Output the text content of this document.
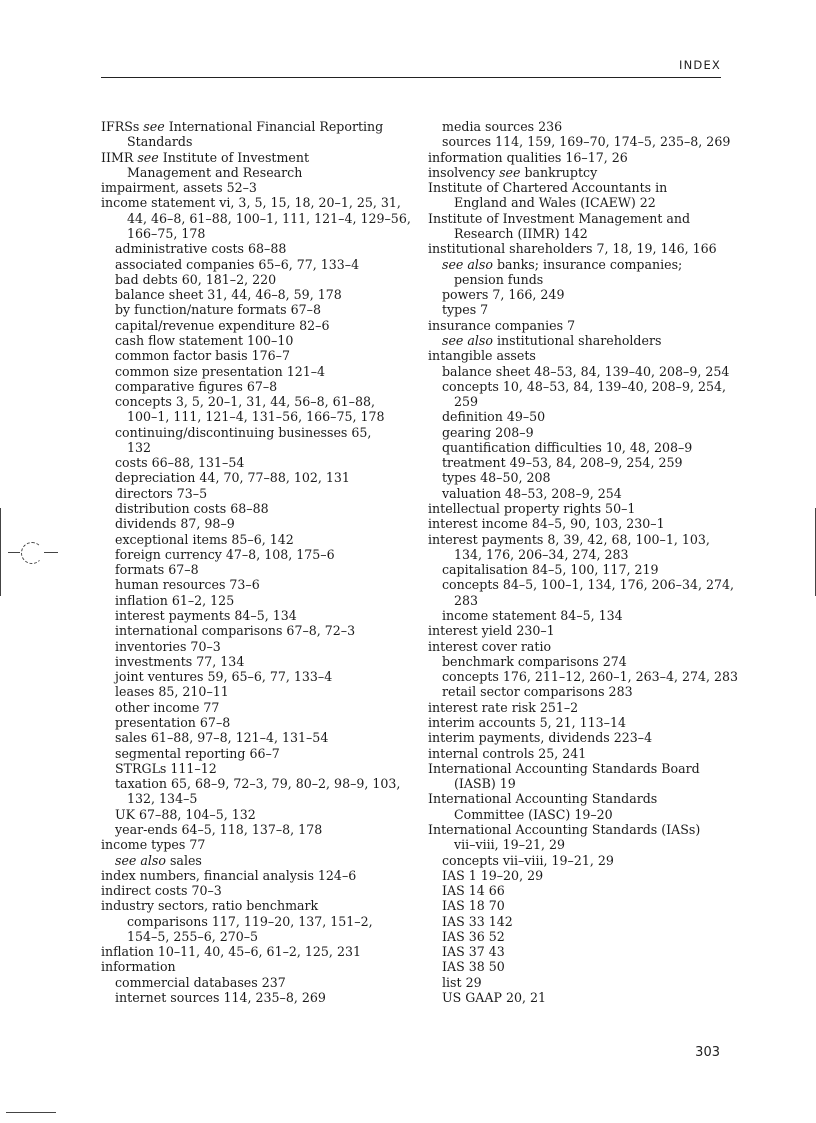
INDEX
IFRSs see International Financial Reporting
Standards
IIMR see Institute of Investment
Management and Research
impairment, assets 52–3
income statement vi, 3, 5, 15, 18, 20–1, 25, 31,
44, 46–8, 61–88, 100–1, 111, 121–4, 129–56,
166–75, 178
administrative costs 68–88
associated companies 65–6, 77, 133–4
bad debts 60, 181–2, 220
balance sheet 31, 44, 46–8, 59, 178
by function/nature formats 67–8
capital/revenue expenditure 82–6
cash flow statement 100–10
common factor basis 176–7
common size presentation 121–4
comparative figures 67–8
concepts 3, 5, 20–1, 31, 44, 56–8, 61–88,
100–1, 111, 121–4, 131–56, 166–75, 178
continuing/discontinuing businesses 65,
132
costs 66–88, 131–54
depreciation 44, 70, 77–88, 102, 131
directors 73–5
distribution costs 68–88
dividends 87, 98–9
exceptional items 85–6, 142
foreign currency 47–8, 108, 175–6
formats 67–8
human resources 73–6
inflation 61–2, 125
interest payments 84–5, 134
international comparisons 67–8, 72–3
inventories 70–3
investments 77, 134
joint ventures 59, 65–6, 77, 133–4
leases 85, 210–11
other income 77
presentation 67–8
sales 61–88, 97–8, 121–4, 131–54
segmental reporting 66–7
STRGLs 111–12
taxation 65, 68–9, 72–3, 79, 80–2, 98–9, 103,
132, 134–5
UK 67–88, 104–5, 132
year-ends 64–5, 118, 137–8, 178
income types 77
see also sales
index numbers, financial analysis 124–6
indirect costs 70–3
industry sectors, ratio benchmark
comparisons 117, 119–20, 137, 151–2,
154–5, 255–6, 270–5
inflation 10–11, 40, 45–6, 61–2, 125, 231
information
commercial databases 237
internet sources 114, 235–8, 269
media sources 236
sources 114, 159, 169–70, 174–5, 235–8, 269
information qualities 16–17, 26
insolvency see bankruptcy
Institute of Chartered Accountants in
England and Wales (ICAEW) 22
Institute of Investment Management and
Research (IIMR) 142
institutional shareholders 7, 18, 19, 146, 166
see also banks; insurance companies;
pension funds
powers 7, 166, 249
types 7
insurance companies 7
see also institutional shareholders
intangible assets
balance sheet 48–53, 84, 139–40, 208–9, 254
concepts 10, 48–53, 84, 139–40, 208–9, 254,
259
definition 49–50
gearing 208–9
quantification difficulties 10, 48, 208–9
treatment 49–53, 84, 208–9, 254, 259
types 48–50, 208
valuation 48–53, 208–9, 254
intellectual property rights 50–1
interest income 84–5, 90, 103, 230–1
interest payments 8, 39, 42, 68, 100–1, 103,
134, 176, 206–34, 274, 283
capitalisation 84–5, 100, 117, 219
concepts 84–5, 100–1, 134, 176, 206–34, 274,
283
income statement 84–5, 134
interest yield 230–1
interest cover ratio
benchmark comparisons 274
concepts 176, 211–12, 260–1, 263–4, 274, 283
retail sector comparisons 283
interest rate risk 251–2
interim accounts 5, 21, 113–14
interim payments, dividends 223–4
internal controls 25, 241
International Accounting Standards Board
(IASB) 19
International Accounting Standards
Committee (IASC) 19–20
International Accounting Standards (IASs)
vii–viii, 19–21, 29
concepts vii–viii, 19–21, 29
IAS 1 19–20, 29
IAS 14 66
IAS 18 70
IAS 33 142
IAS 36 52
IAS 37 43
IAS 38 50
list 29
US GAAP 20, 21
303
